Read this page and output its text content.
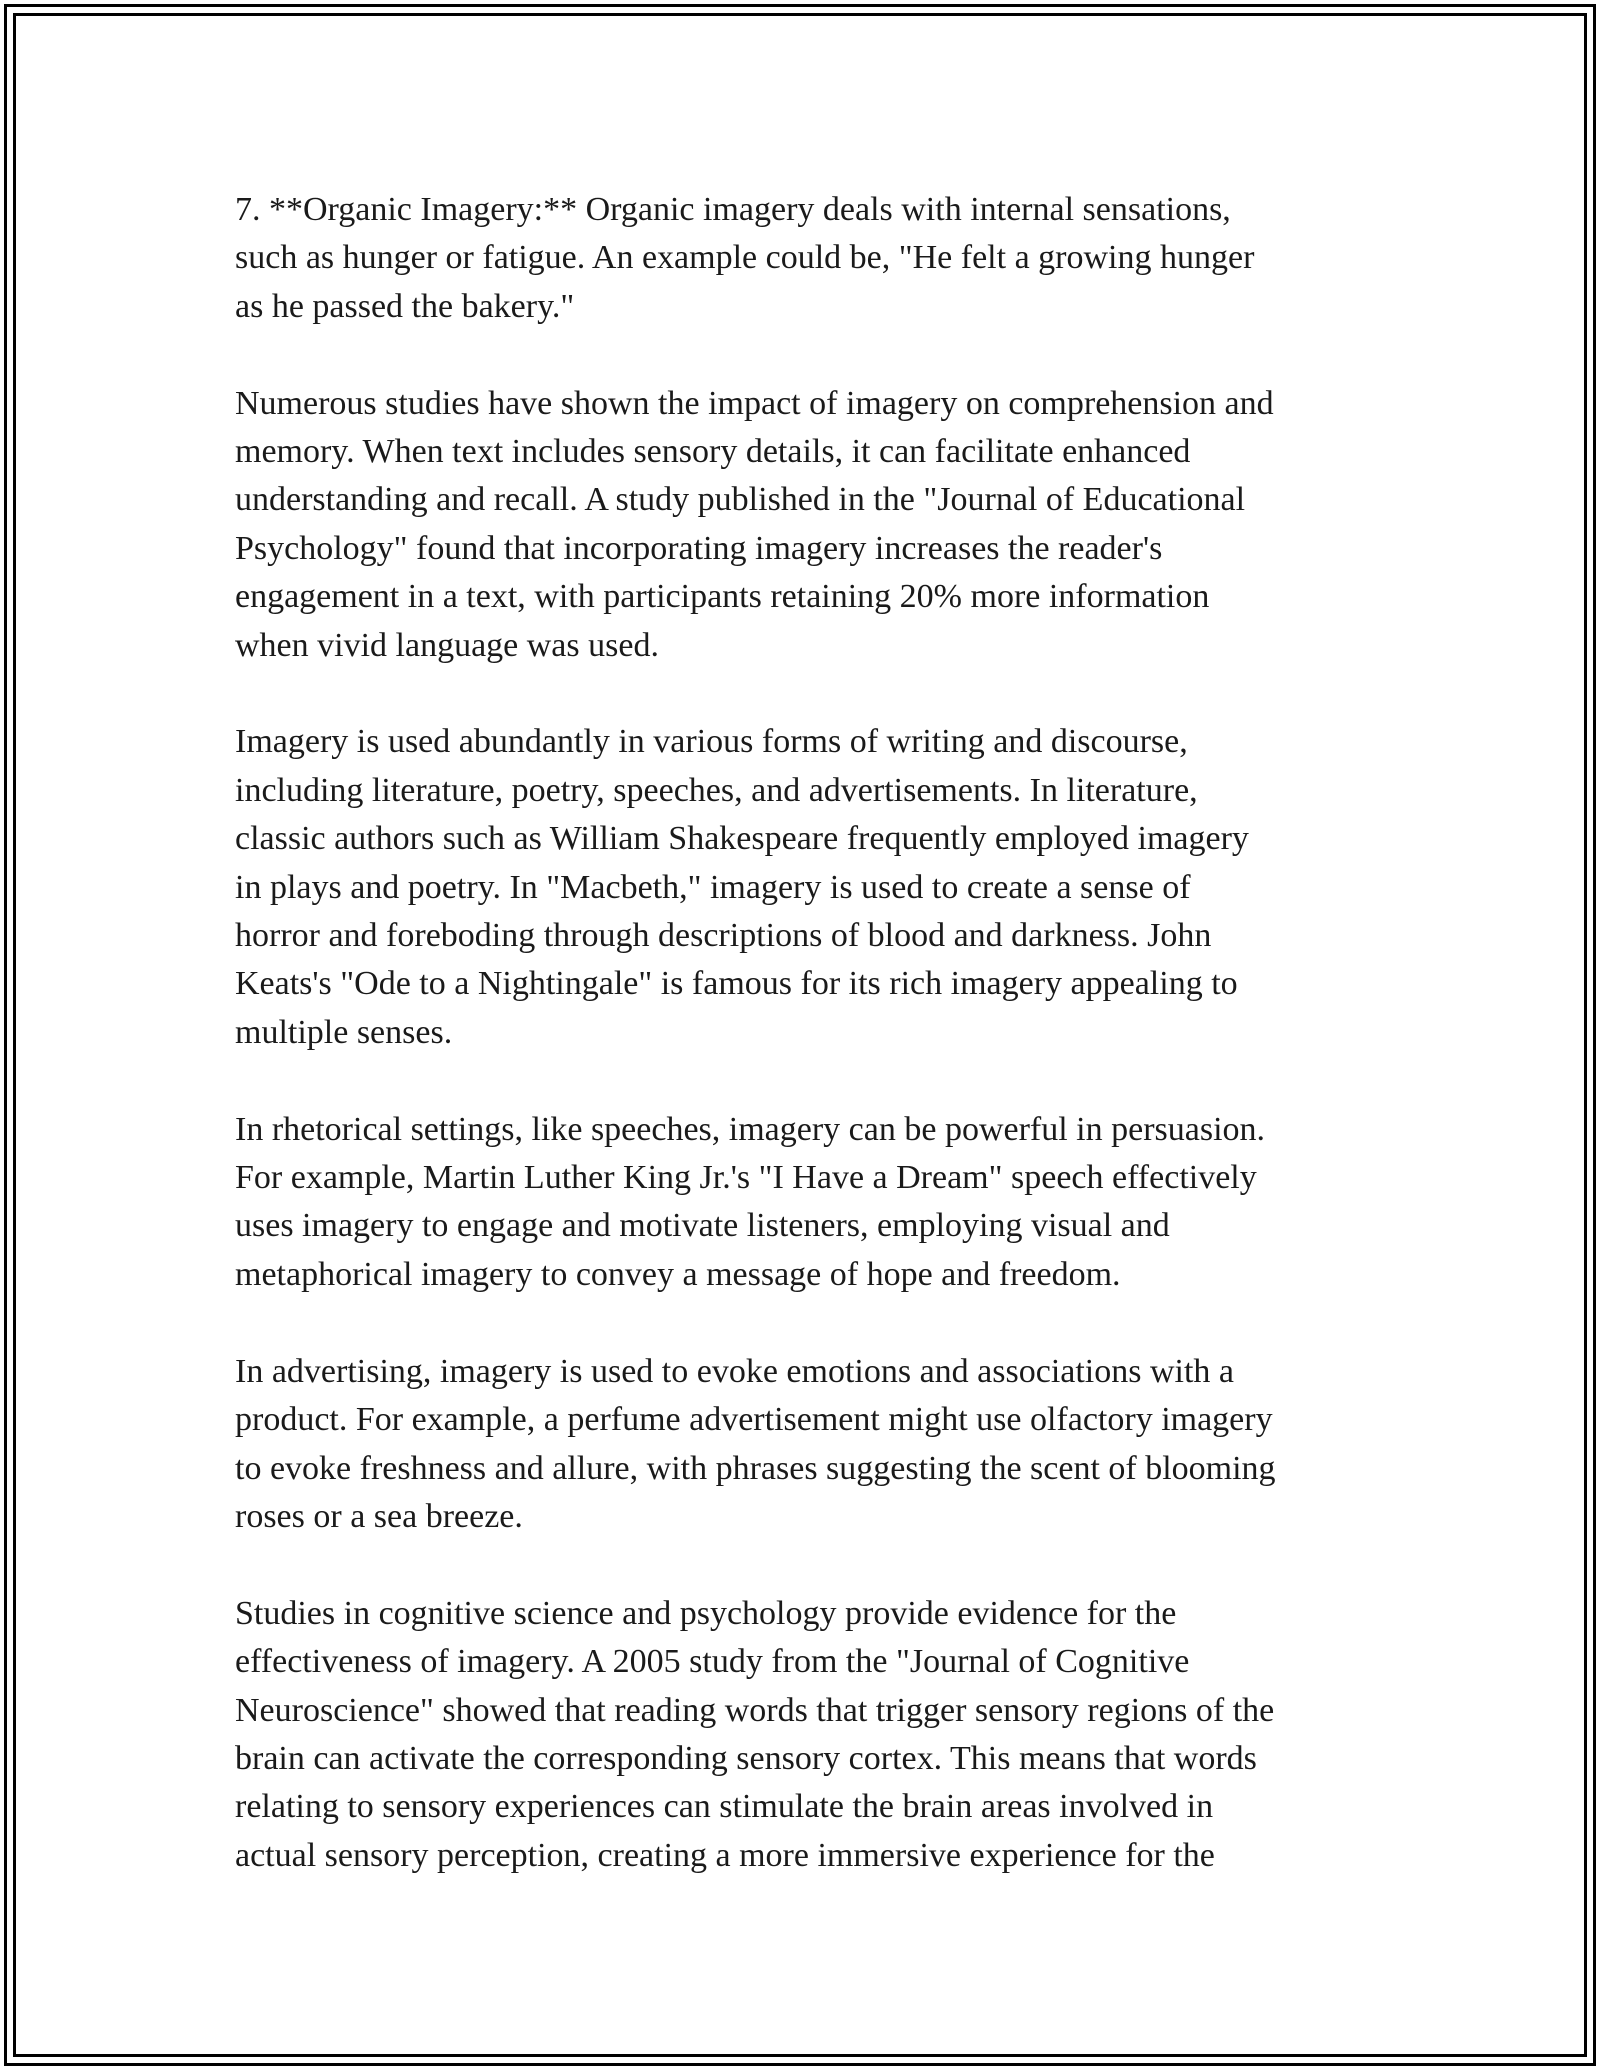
7. **Organic Imagery:** Organic imagery deals with internal sensations,
such as hunger or fatigue. An example could be, "He felt a growing hunger
as he passed the bakery."

Numerous studies have shown the impact of imagery on comprehension and
memory. When text includes sensory details, it can facilitate enhanced
understanding and recall. A study published in the "Journal of Educational
Psychology" found that incorporating imagery increases the reader's
engagement in a text, with participants retaining 20% more information
when vivid language was used.

Imagery is used abundantly in various forms of writing and discourse,
including literature, poetry, speeches, and advertisements. In literature,
classic authors such as William Shakespeare frequently employed imagery
in plays and poetry. In "Macbeth," imagery is used to create a sense of
horror and foreboding through descriptions of blood and darkness. John
Keats's "Ode to a Nightingale" is famous for its rich imagery appealing to
multiple senses.

In rhetorical settings, like speeches, imagery can be powerful in persuasion.
For example, Martin Luther King Jr.'s "I Have a Dream" speech effectively
uses imagery to engage and motivate listeners, employing visual and
metaphorical imagery to convey a message of hope and freedom.

In advertising, imagery is used to evoke emotions and associations with a
product. For example, a perfume advertisement might use olfactory imagery
to evoke freshness and allure, with phrases suggesting the scent of blooming
roses or a sea breeze.

Studies in cognitive science and psychology provide evidence for the
effectiveness of imagery. A 2005 study from the "Journal of Cognitive
Neuroscience" showed that reading words that trigger sensory regions of the
brain can activate the corresponding sensory cortex. This means that words
relating to sensory experiences can stimulate the brain areas involved in
actual sensory perception, creating a more immersive experience for the
